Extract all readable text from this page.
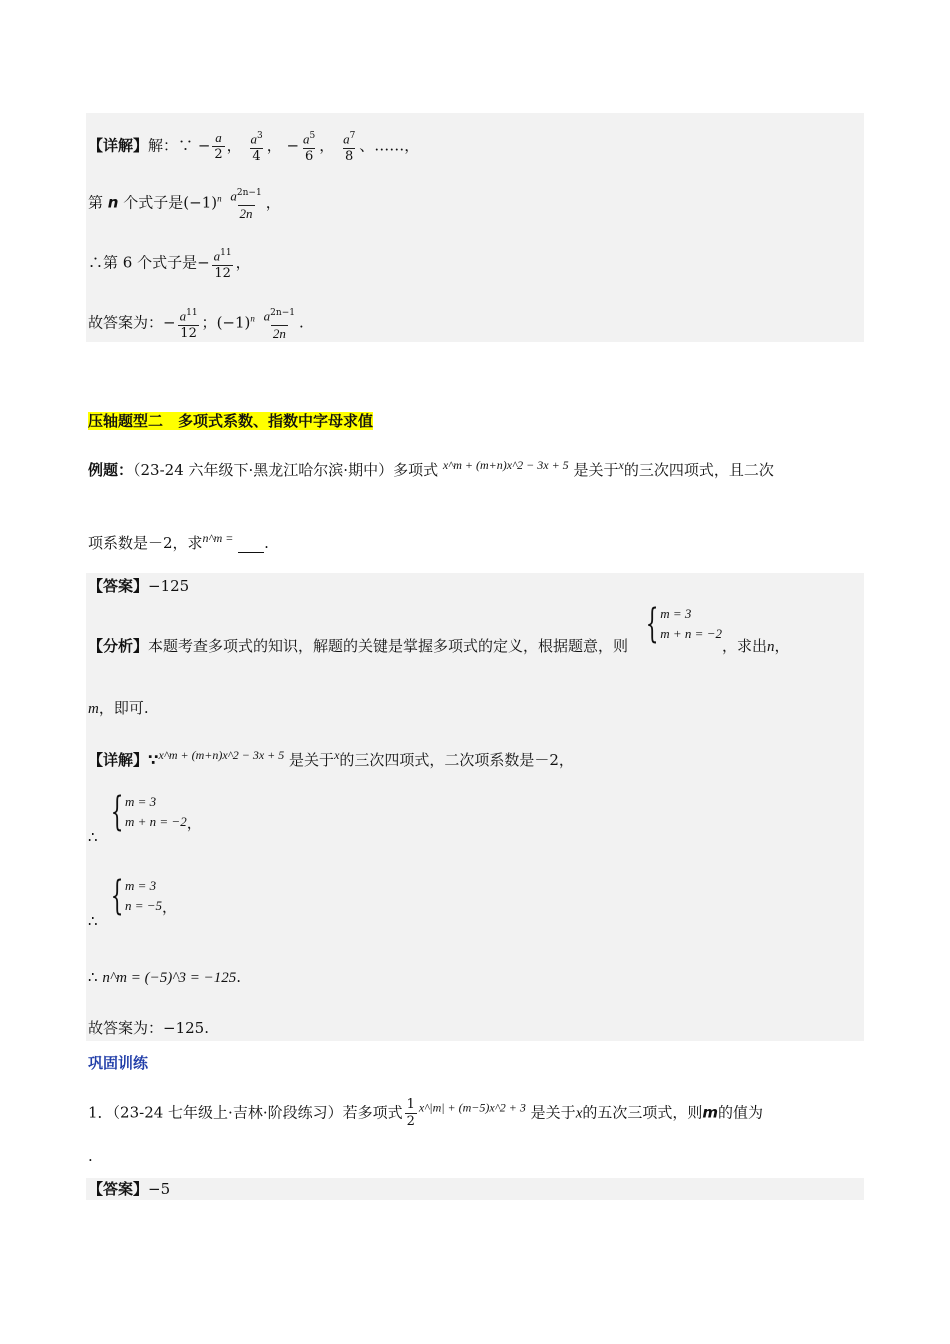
【详解】解：∵ − $\frac{a}{2}$ ， $\frac{a^3}{4}$ ， − $\frac{a^5}{6}$ ， $\frac{a^7}{8}$ 、……，
第 n 个式子是$(-1)^n \frac{a^{2n-1}}{2n}$ ，
∴第 6 个式子是− $\frac{a^{11}}{12}$ ，
故答案为：− $\frac{a^{11}}{12}$ ；$(-1)^n \frac{a^{2n-1}}{2n}$ .
压轴题型二　多项式系数、指数中字母求值
例题：（23-24 六年级下·黑龙江哈尔滨·期中）多项式 $^{x\^{}m + (m+n)x\^{}2 - 3x + 5}$ 是关于$^x$的三次四项式，且二次
项系数是－2，求$^{n\^{}m =}$ .
【答案】−125
【分析】本题考查多项式的知识，解题的关键是掌握多项式的定义，根据题意，则 { m = 3
m + n = −2
，求出n，
m，即可.
【详解】∵$^{x\^{}m + (m+n)x\^{}2 - 3x + 5}$ 是关于$^x$的三次四项式，二次项系数是－2，
∴
{ m = 3
m + n = −2 ，
∴
{ m = 3
n = −5 ，
∴ n^m = (−5)^3 = −125.
故答案为：−125.
巩固训练
1．（23-24 七年级上·吉林·阶段练习）若多项式 $\frac{1}{2} ^{x\^{}|m| + (m-5)x\^{}2 + 3}$ 是关于x的五次三项式，则m的值为
.
【答案】−5
